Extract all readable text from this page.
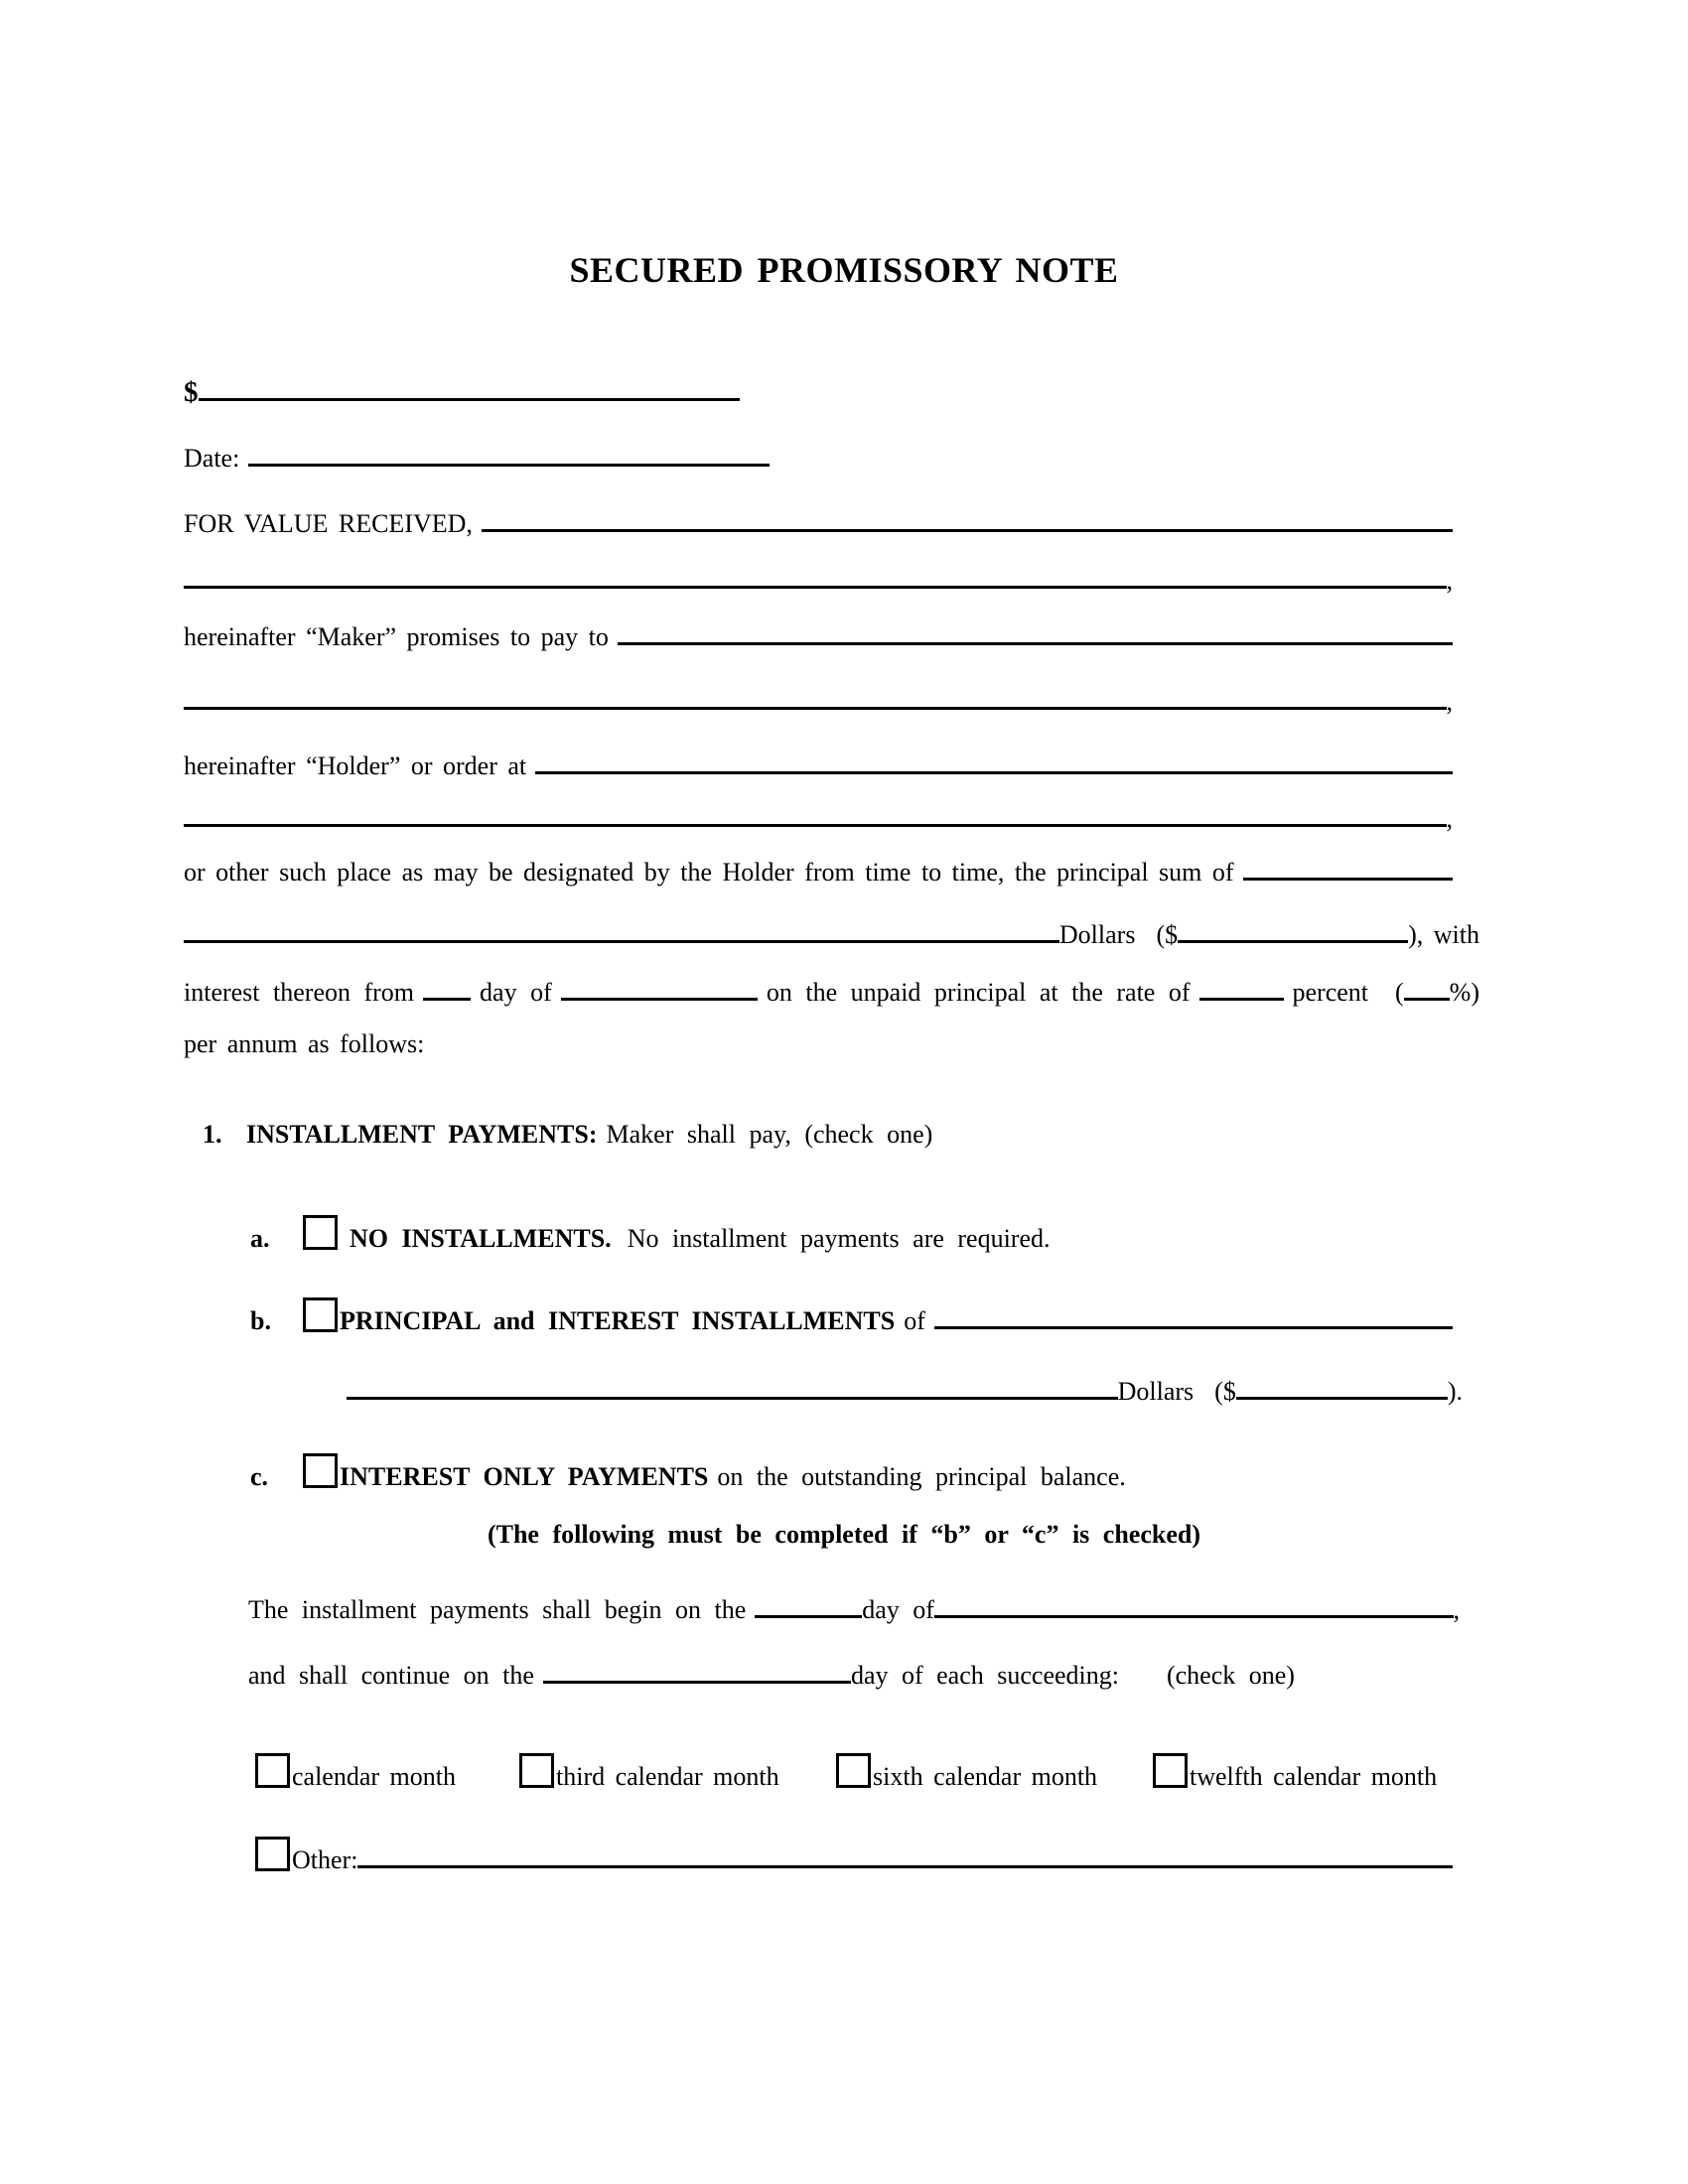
SECURED PROMISSORY NOTE
$
Date:
FOR VALUE RECEIVED,
,
hereinafter “Maker” promises to pay to
,
hereinafter “Holder” or order at
,
or other such place as may be designated by the Holder from time to time, the principal sum of
Dollars  ($	), with
interest thereon from	day of	on the unpaid principal at the rate of	percent  ( %)
per annum as follows:
1. INSTALLMENT PAYMENTS: Maker shall pay, (check one)
a.	NO INSTALLMENTS. No installment payments are required.
b.	PRINCIPAL and INTEREST INSTALLMENTS of
Dollars  ($	).
c.	INTEREST ONLY PAYMENTS on the outstanding principal balance.
(The following must be completed if “b” or “c” is checked)
The installment payments shall begin on the	day of	,
and shall continue on the	day of each succeeding: (check one)
calendar month	third calendar month	sixth calendar month	twelfth calendar month
Other:
